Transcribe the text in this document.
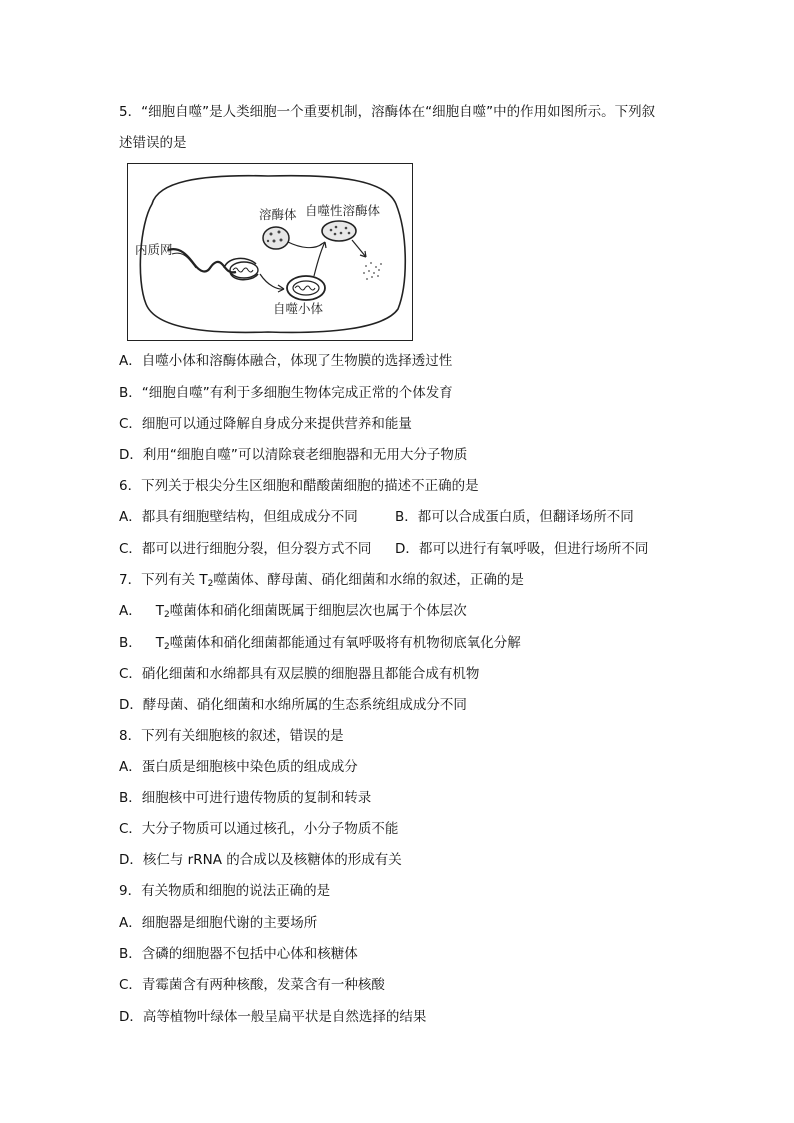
5．“细胞自噬”是人类细胞一个重要机制，溶酶体在“细胞自噬”中的作用如图所示。下列叙
述错误的是
溶酶体 自噬性溶酶体
内质网
自噬小体
A．自噬小体和溶酶体融合，体现了生物膜的选择透过性
B．“细胞自噬”有利于多细胞生物体完成正常的个体发育
C．细胞可以通过降解自身成分来提供营养和能量
D．利用“细胞自噬”可以清除衰老细胞器和无用大分子物质
6．下列关于根尖分生区细胞和醋酸菌细胞的描述不正确的是
A．都具有细胞壁结构，但组成成分不同	B．都可以合成蛋白质，但翻译场所不同
C．都可以进行细胞分裂，但分裂方式不同 D．都可以进行有氧呼吸，但进行场所不同
7．下列有关 $T_2$噬菌体、酵母菌、硝化细菌和水绵的叙述，正确的是
A． $T_2$噬菌体和硝化细菌既属于细胞层次也属于个体层次
B． $T_2$噬菌体和硝化细菌都能通过有氧呼吸将有机物彻底氧化分解
C．硝化细菌和水绵都具有双层膜的细胞器且都能合成有机物
D．酵母菌、硝化细菌和水绵所属的生态系统组成成分不同
8．下列有关细胞核的叙述，错误的是
A．蛋白质是细胞核中染色质的组成成分
B．细胞核中可进行遗传物质的复制和转录
C．大分子物质可以通过核孔，小分子物质不能
D．核仁与 rRNA 的合成以及核糖体的形成有关
9．有关物质和细胞的说法正确的是
A．细胞器是细胞代谢的主要场所
B．含磷的细胞器不包括中心体和核糖体
C．青霉菌含有两种核酸，发菜含有一种核酸
D．高等植物叶绿体一般呈扁平状是自然选择的结果
